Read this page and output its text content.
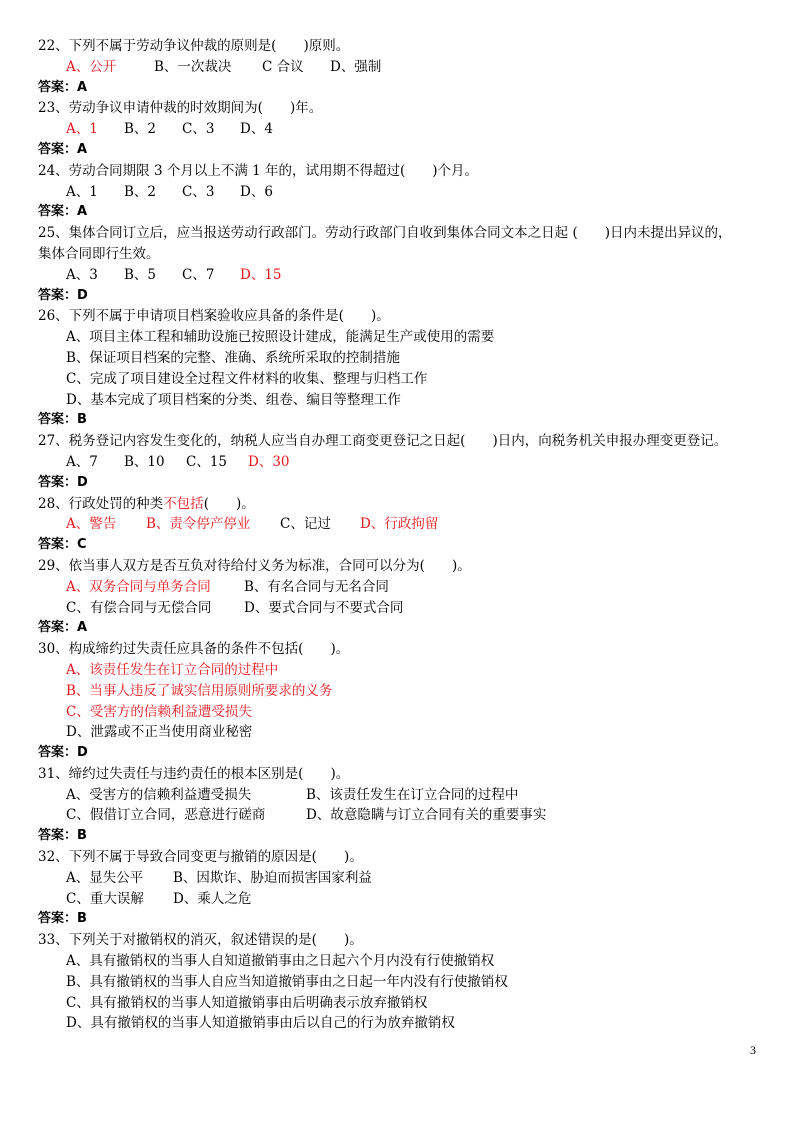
22、下列不属于劳动争议仲裁的原则是(　　)原则。
A、公开	B、一次裁决 C 合议 D、强制
答案：A
23、劳动争议申请仲裁的时效期间为(　　)年。
A、1 B、2 C、3 D、4
答案：A
24、劳动合同期限 3 个月以上不满 1 年的，试用期不得超过(　　)个月。
A、1 B、2 C、3 D、6
答案：A
25、集体合同订立后，应当报送劳动行政部门。劳动行政部门自收到集体合同文本之日起 (　　)日内未提出异议的，
集体合同即行生效。
A、3 B、5 C、7 D、15
答案：D
26、下列不属于申请项目档案验收应具备的条件是(　　)。
A、项目主体工程和辅助设施已按照设计建成，能满足生产或使用的需要
B、保证项目档案的完整、准确、系统所采取的控制措施
C、完成了项目建设全过程文件材料的收集、整理与归档工作
D、基本完成了项目档案的分类、组卷、编目等整理工作
答案：B
27、税务登记内容发生变化的，纳税人应当自办理工商变更登记之日起(　　)日内，向税务机关申报办理变更登记。
A、7 B、10 C、15 D、30
答案：D
28、行政处罚的种类不包括(　　)。
A、警告 B、责令停产停业 C、记过 D、行政拘留
答案：C
29、依当事人双方是否互负对待给付义务为标准，合同可以分为(　　)。
A、双务合同与单务合同 B、有名合同与无名合同
C、有偿合同与无偿合同 D、要式合同与不要式合同
答案：A
30、构成缔约过失责任应具备的条件不包括(　　)。
A、该责任发生在订立合同的过程中
B、当事人违反了诚实信用原则所要求的义务
C、受害方的信赖利益遭受损失
D、泄露或不正当使用商业秘密
答案：D
31、缔约过失责任与违约责任的根本区别是(　　)。
A、受害方的信赖利益遭受损失	B、该责任发生在订立合同的过程中
C、假借订立合同，恶意进行磋商	D、故意隐瞒与订立合同有关的重要事实
答案：B
32、下列不属于导致合同变更与撤销的原因是(　　)。
A、显失公平 B、因欺诈、胁迫而损害国家利益
C、重大误解 D、乘人之危
答案：B
33、下列关于对撤销权的消灭，叙述错误的是(　　)。
A、具有撤销权的当事人自知道撤销事由之日起六个月内没有行使撤销权
B、具有撤销权的当事人自应当知道撤销事由之日起一年内没有行使撤销权
C、具有撤销权的当事人知道撤销事由后明确表示放弃撤销权
D、具有撤销权的当事人知道撤销事由后以自己的行为放弃撤销权
3
